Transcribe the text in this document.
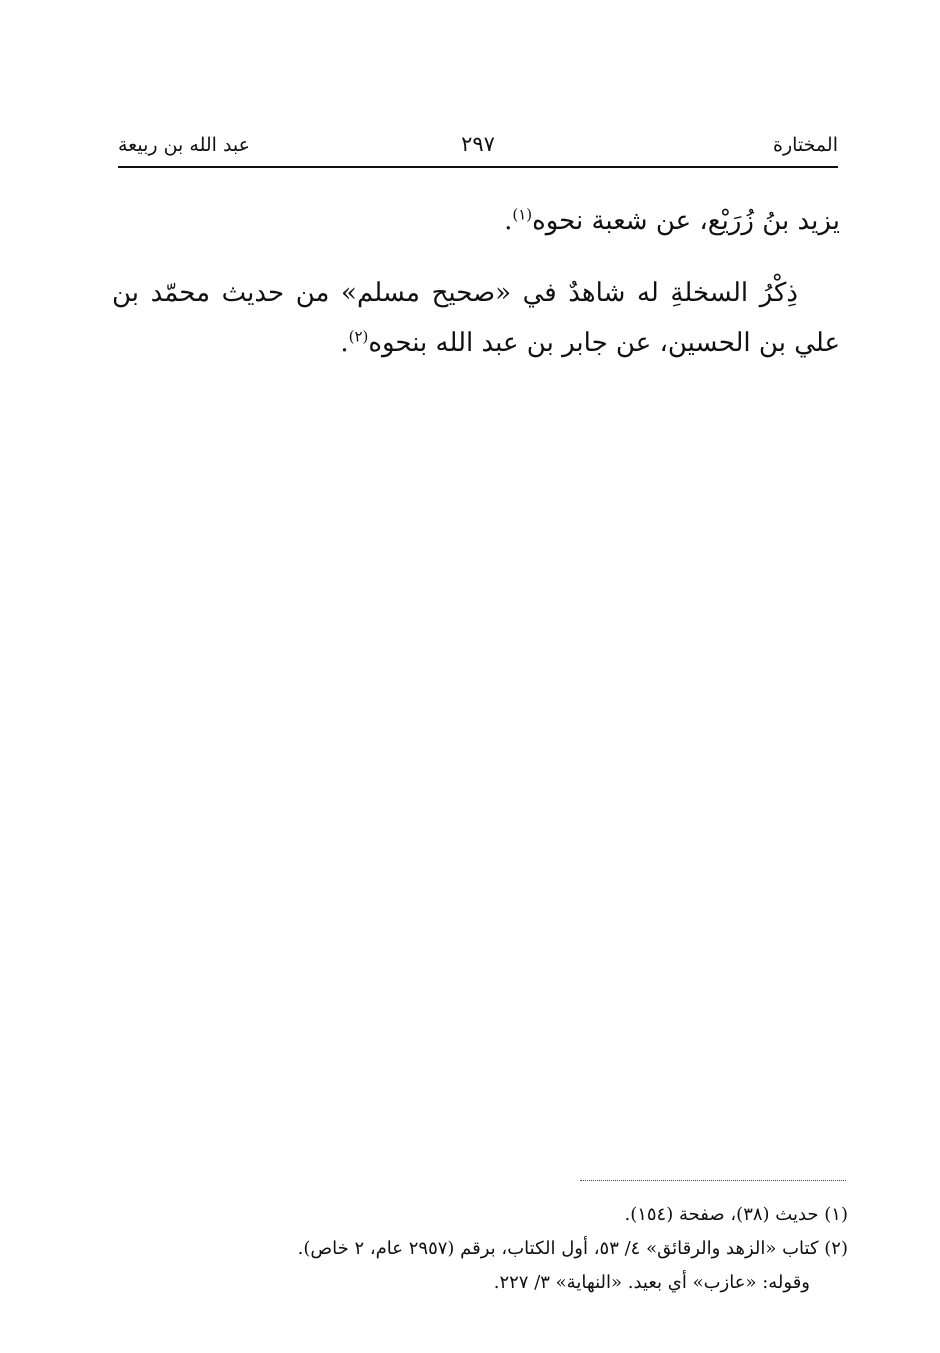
المختارة
٢٩٧
عبد الله بن ربيعة

يزيد بنُ زُرَيْع، عن شعبة نحوه$^{(١)}$.

ذِكْرُ السخلةِ له شاهدٌ في «صحيح مسلم» من حديث محمّد بن علي بن الحسين، عن جابر بن عبد الله بنحوه$^{(٢)}$.

(١) حديث (٣٨)، صفحة (١٥٤).

(٢) كتاب «الزهد والرقائق» ٤/ ٥٣، أول الكتاب، برقم (٢٩٥٧ عام، ٢ خاص).

وقوله: «عازب» أي بعيد. «النهاية» ٣/ ٢٢٧.
